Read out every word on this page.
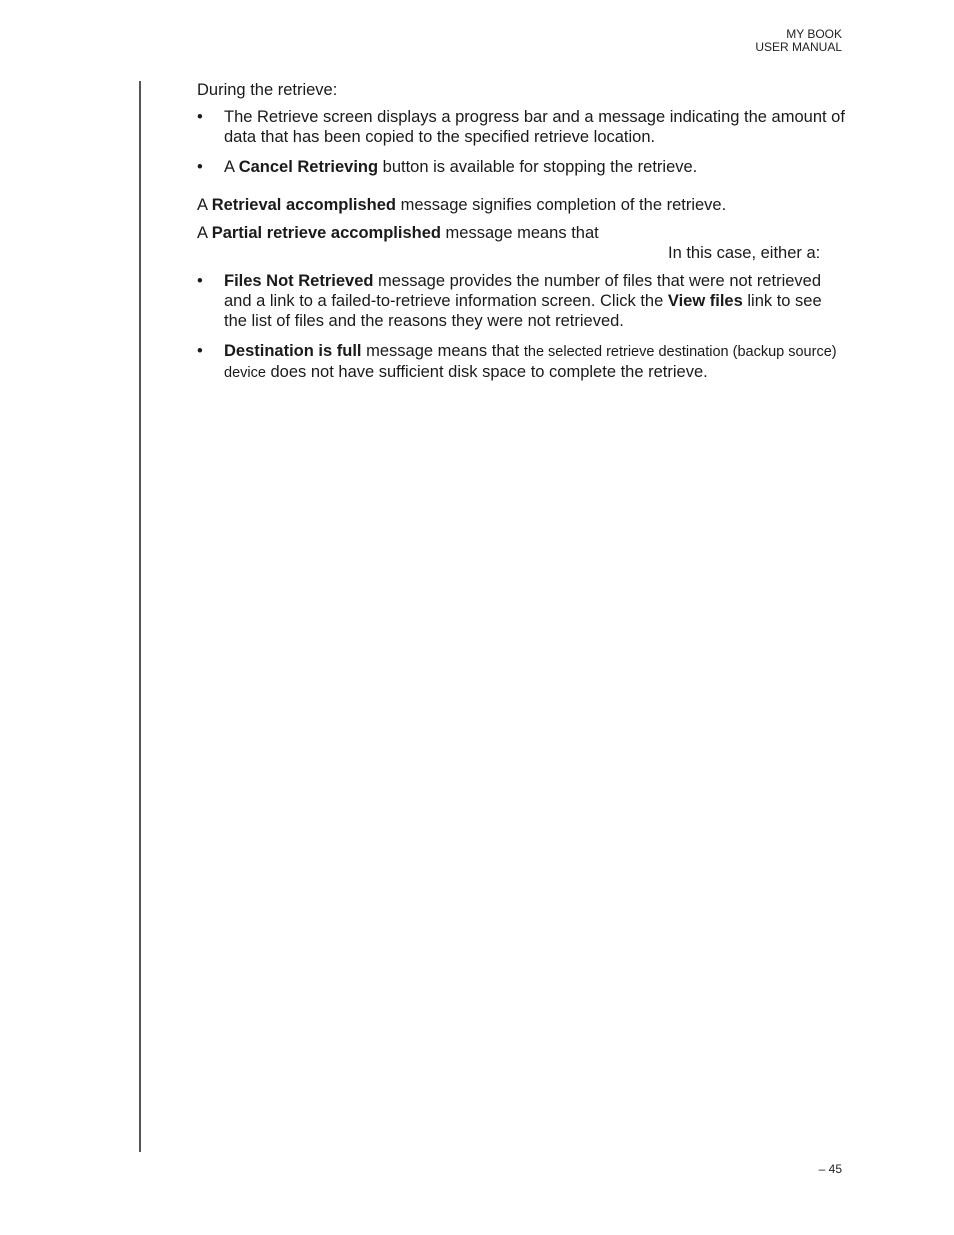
MY BOOK
USER MANUAL

During the retrieve:

• The Retrieve screen displays a progress bar and a message indicating the amount of data that has been copied to the specified retrieve location.
• A Cancel Retrieving button is available for stopping the retrieve.

A Retrieval accomplished message signifies completion of the retrieve.

A Partial retrieve accomplished message means that
In this case, either a:
• Files Not Retrieved message provides the number of files that were not retrieved and a link to a failed-to-retrieve information screen. Click the View files link to see the list of files and the reasons they were not retrieved.
• Destination is full message means that the selected retrieve destination (backup source) device does not have sufficient disk space to complete the retrieve.
– 45
